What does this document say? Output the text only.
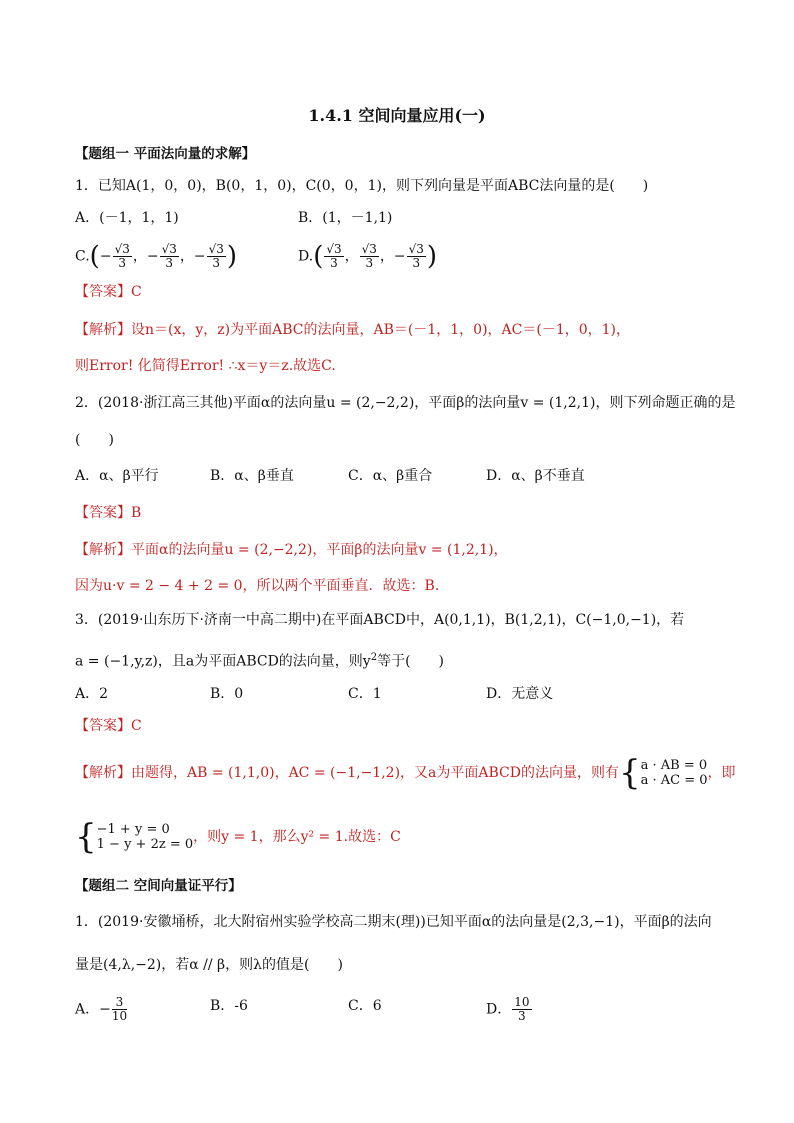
1.4.1 空间向量应用(一)
【题组一 平面法向量的求解】
1．已知A(1，0，0)，B(0，1，0)，C(0，0，1)，则下列向量是平面ABC法向量的是(　　)
A．(－1，1，1)	B．(1，－1,1)
$C.(- \frac{√3}{3}$ ，− $\frac{√3}{3}$ ，− $\frac{√3}{3}$ )	$D.( \frac{√3}{3}$ ， $\frac{√3}{3}$ ，− $\frac{√3}{3}$ )
【答案】C
【解析】设n＝(x，y，z)为平面ABC的法向量，AB＝(－1，1，0)，AC＝(－1，0，1)，
则Error! 化简得Error! ∴x＝y＝z.故选C.
2．(2018·浙江高三其他)平面α的法向量u = (2,−2,2)，平面β的法向量v = (1,2,1)，则下列命题正确的是
(　　)
A．α、β平行	B．α、β垂直	C．α、β重合	D．α、β不垂直
【答案】B
【解析】平面α的法向量u = (2,−2,2)，平面β的法向量v = (1,2,1)，
因为u·v = 2 − 4 + 2 = 0，所以两个平面垂直．故选：B．
3．(2019·山东历下·济南一中高二期中)在平面ABCD中，A(0,1,1)，B(1,2,1)，C(−1,0,−1)，若
a = (−1,y,z)，且a为平面ABCD的法向量，则$y^2$等于(　　)
A．2	B．0	C．1	D．无意义
【答案】C
【解析】由题得，AB = (1,1,0)，AC = (−1,−1,2)，又a为平面ABCD的法向量，则有{ a · AB = 0
a · AC = 0 ，即
{ −1 + y = 0
1 − y + 2z = 0 ，则y = 1，那么y² = 1.故选：C
【题组二 空间向量证平行】
1．(2019·安徽埇桥，北大附宿州实验学校高二期末(理))已知平面α的法向量是(2,3,−1)，平面β的法向
量是(4,λ,−2)，若α // β，则λ的值是(　　)
A．− $\frac{3}{10}$	B．-6	C．6	D． $\frac{10}{3}$
